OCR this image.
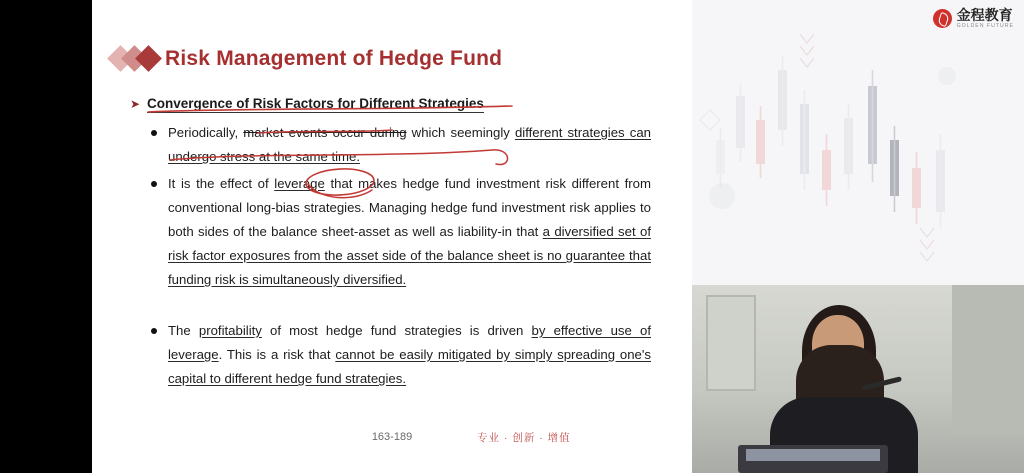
Risk Management of Hedge Fund
➤ Convergence of Risk Factors for Different Strategies
Periodically, market events occur during which seemingly different strategies can undergo stress at the same time.
It is the effect of leverage that makes hedge fund investment risk different from conventional long-bias strategies. Managing hedge fund investment risk applies to both sides of the balance sheet-asset as well as liability-in that a diversified set of risk factor exposures from the asset side of the balance sheet is no guarantee that funding risk is simultaneously diversified.
The profitability of most hedge fund strategies is driven by effective use of leverage. This is a risk that cannot be easily mitigated by simply spreading one's capital to different hedge fund strategies.
163-189	专业 · 创新 · 增值
金程教育
GOLDEN FUTURE
